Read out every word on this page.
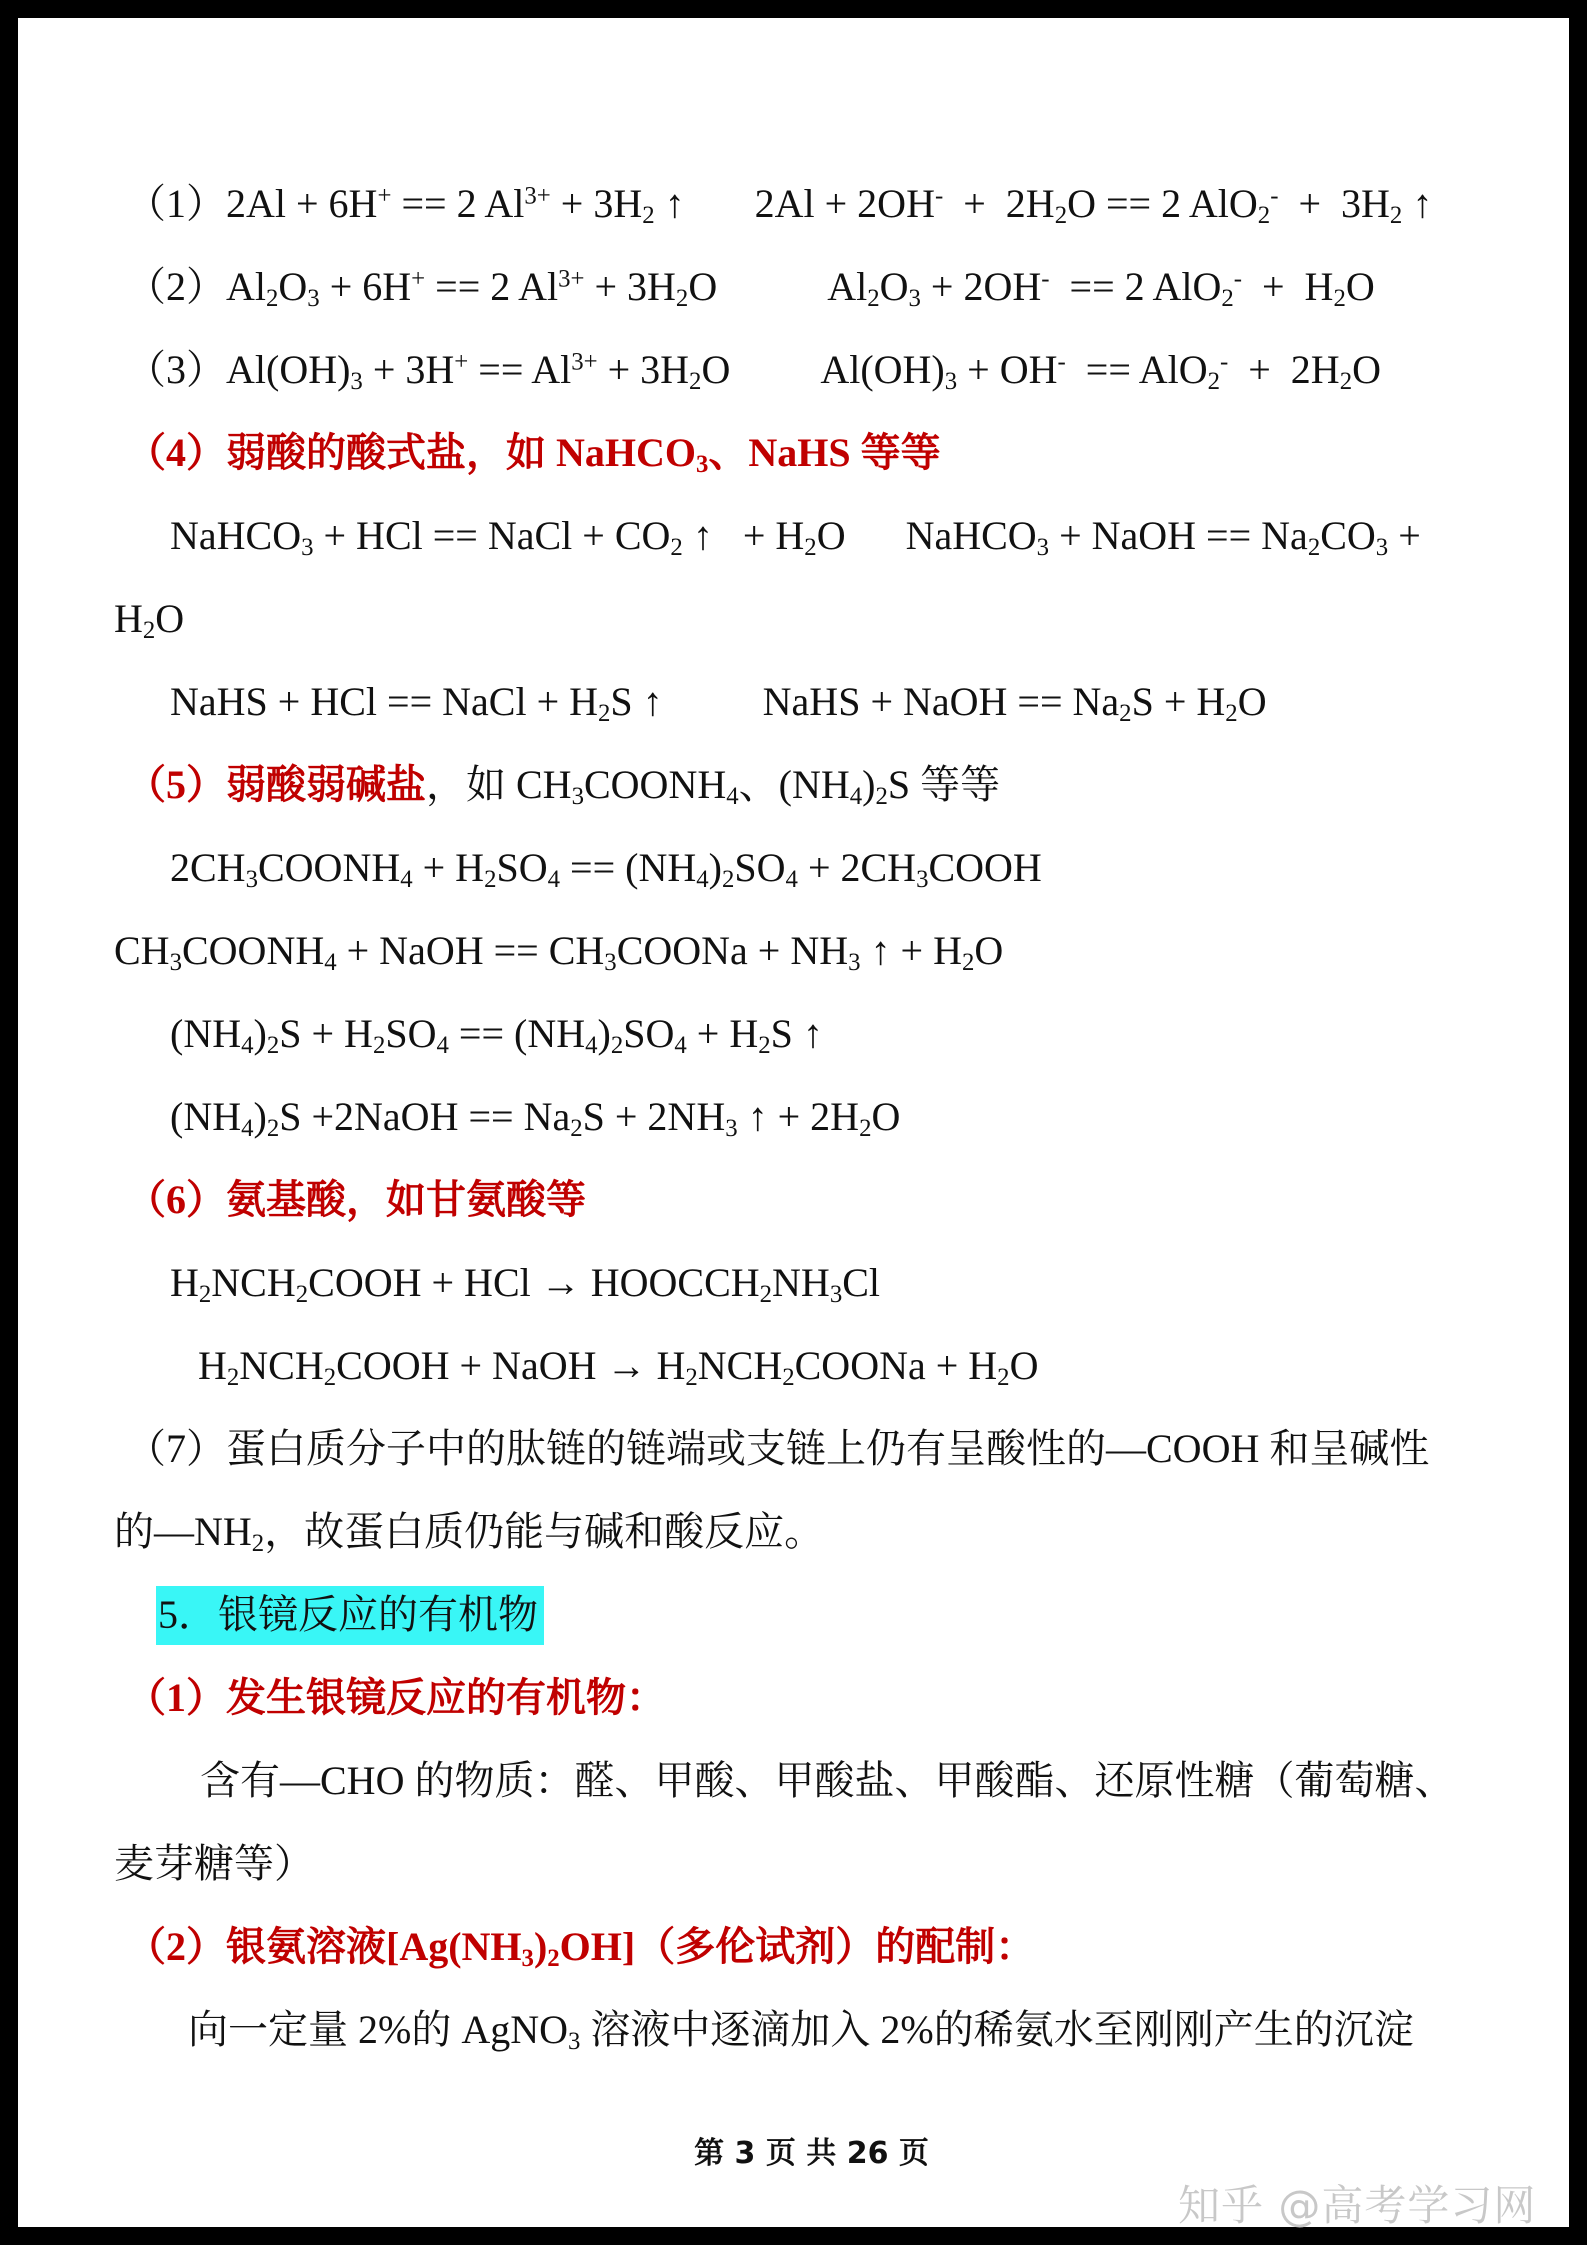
（1）2Al + 6H+ == 2 $Al^{3+} + 3H_2$ ↑       $2Al + 2OH^- + 2H_2O == 2$ $AlO_2^- + 3H_2$ ↑
$(2)Al_2O_3 + 6H^+ == 2$ $Al^{3+} + 3H_2O$           $Al_2O_3 + 2OH^- == 2$ $AlO_2^- + H_2O$
$(3)Al(OH)_3 + 3H^+ == Al^{3+} + 3H_2O$         $Al(OH)_3 + OH^- == AlO_2^- + 2H_2O$
（4）弱酸的酸式盐，如 NaHCO$_3$、NaHS 等等
NaHCO$_3$ + HCl == NaCl + $CO_2$ ↑   + $H_2O$      NaHCO$_3$ + NaOH == $Na_2CO_3$ +
$H_2O$
NaHS + HCl == NaCl + $H_2S$ ↑          NaHS + NaOH == $Na_2S + H_2O$
（5）弱酸弱碱盐，如 $CH_3COONH_4$、$(NH_4)_2S$ 等等
$2CH_3COONH_4 + H_2SO_4 == (NH_4)_2SO_4$ + $2CH_3COOH$
$CH_3COONH_4$ + NaOH == $CH_3COONa + NH_3$ ↑ + $H_2O$
$(NH_4)_2S + H_2SO_4 == (NH_4)_2SO_4 + H_2S$ ↑
$(NH_4)_2S$ +2NaOH == $Na_2S + 2NH_3$ ↑ + $2H_2O$
（6）氨基酸，如甘氨酸等
$H_2NCH_2COOH$ + HCl → $HOOCCH_2NH_3Cl$
$H_2NCH_2COOH$ + NaOH → $H_2NCH_2COONa + H_2O$
（7）蛋白质分子中的肽链的链端或支链上仍有呈酸性的—COOH 和呈碱性
的$—NH_2$，故蛋白质仍能与碱和酸反应。
5．银镜反应的有机物
（1）发生银镜反应的有机物：
含有—CHO 的物质：醛、甲酸、甲酸盐、甲酸酯、还原性糖（葡萄糖、
麦芽糖等）
（2）银氨溶液$[Ag(NH_3)_2OH]$（多伦试剂）的配制：
向一定量 2%的 AgNO$_3$ 溶液中逐滴加入 2%的稀氨水至刚刚产生的沉淀
第 3 页 共 26 页
知乎 @高考学习网
